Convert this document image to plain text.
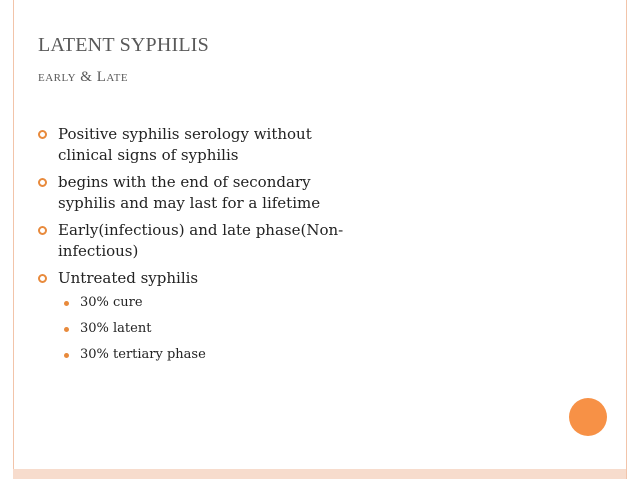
LATENT SYPHILIS

early & Late

Positive syphilis serology without clinical signs of syphilis
begins with the end of secondary syphilis and may last for a lifetime
Early(infectious) and late phase(Non-infectious)
Untreated syphilis
30% cure
30% latent
30% tertiary phase
